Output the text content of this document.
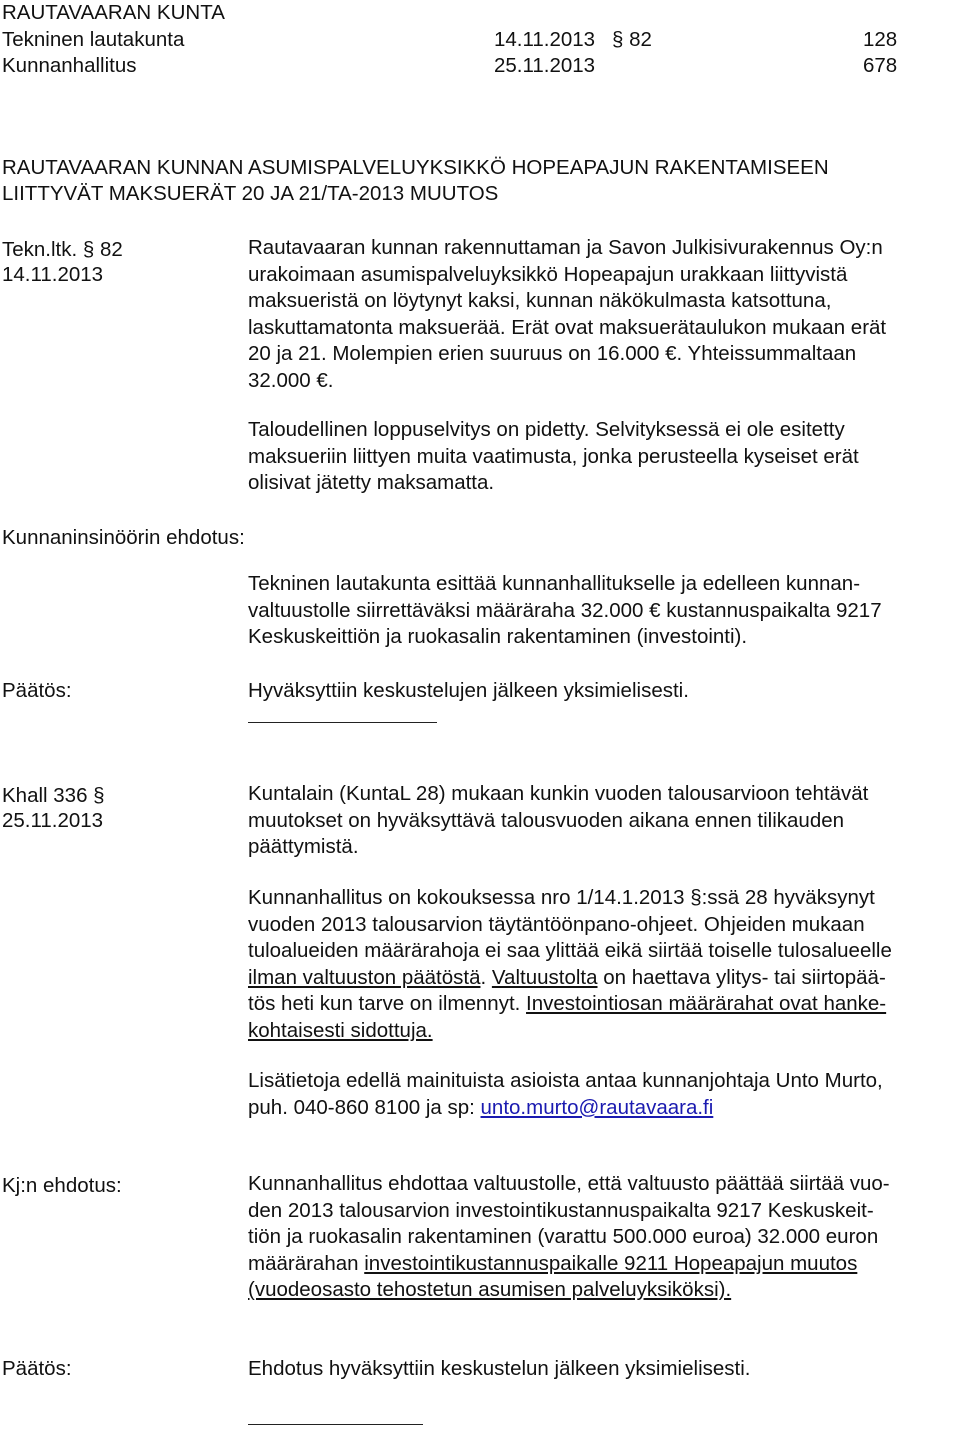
RAUTAVAARAN KUNTA
Tekninen lautakunta	14.11.2013 § 82	128
Kunnanhallitus	25.11.2013	678
RAUTAVAARAN KUNNAN ASUMISPALVELUYKSIKKÖ HOPEAPAJUN RAKENTAMISEEN
LIITTYVÄT MAKSUERÄT 20 JA 21/TA-2013 MUUTOS
Tekn.ltk. § 82
14.11.2013
Rautavaaran kunnan rakennuttaman ja Savon Julkisivurakennus Oy:n
urakoimaan asumispalveluyksikkö Hopeapajun urakkaan liittyvistä
maksueristä on löytynyt kaksi, kunnan näkökulmasta katsottuna,
laskuttamatonta maksuerää. Erät ovat maksuerätaulukon mukaan erät
20 ja 21. Molempien erien suuruus on 16.000 €. Yhteissummaltaan
32.000 €.
Taloudellinen loppuselvitys on pidetty. Selvityksessä ei ole esitetty
maksueriin liittyen muita vaatimusta, jonka perusteella kyseiset erät
olisivat jätetty maksamatta.
Kunnaninsinöörin ehdotus:
Tekninen lautakunta esittää kunnanhallitukselle ja edelleen kunnan-
valtuustolle siirrettäväksi määräraha 32.000 € kustannuspaikalta 9217
Keskuskeittiön ja ruokasalin rakentaminen (investointi).
Päätös:	Hyväksyttiin keskustelujen jälkeen yksimielisesti.
Khall 336 §
25.11.2013
Kuntalain (KuntaL 28) mukaan kunkin vuoden talousarvioon tehtävät
muutokset on hyväksyttävä talousvuoden aikana ennen tilikauden
päättymistä.
Kunnanhallitus on kokouksessa nro 1/14.1.2013 §:ssä 28 hyväksynyt
vuoden 2013 talousarvion täytäntöönpano-ohjeet. Ohjeiden mukaan
tuloalueiden määrärahoja ei saa ylittää eikä siirtää toiselle tulosalueelle
ilman valtuuston päätöstä. Valtuustolta on haettava ylitys- tai siirtopää-
tös heti kun tarve on ilmennyt. Investointiosan määrärahat ovat hanke-
kohtaisesti sidottuja.
Lisätietoja edellä mainituista asioista antaa kunnanjohtaja Unto Murto,
puh. 040-860 8100 ja sp: unto.murto@rautavaara.fi
Kj:n ehdotus:	Kunnanhallitus ehdottaa valtuustolle, että valtuusto päättää siirtää vuo-
den 2013 talousarvion investointikustannuspaikalta 9217 Keskuskeit-
tiön ja ruokasalin rakentaminen (varattu 500.000 euroa) 32.000 euron
määrärahan investointikustannuspaikalle 9211 Hopeapajun muutos
(vuodeosasto tehostetun asumisen palveluyksiköksi).
Päätös:	Ehdotus hyväksyttiin keskustelun jälkeen yksimielisesti.
